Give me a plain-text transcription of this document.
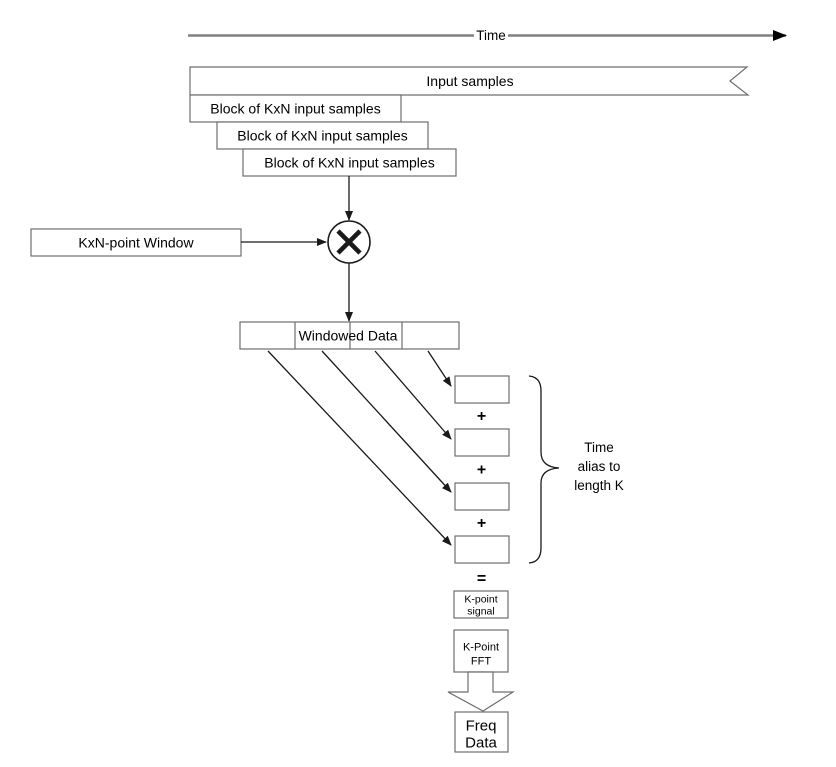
Time
Input samples
Block of KxN input samples
Block of KxN input samples
Block of KxN input samples
KxN-point Window
Windowed Data
+
+
+
=
Time
alias to
length K
K-point
signal
K-Point
FFT
Freq
Data
